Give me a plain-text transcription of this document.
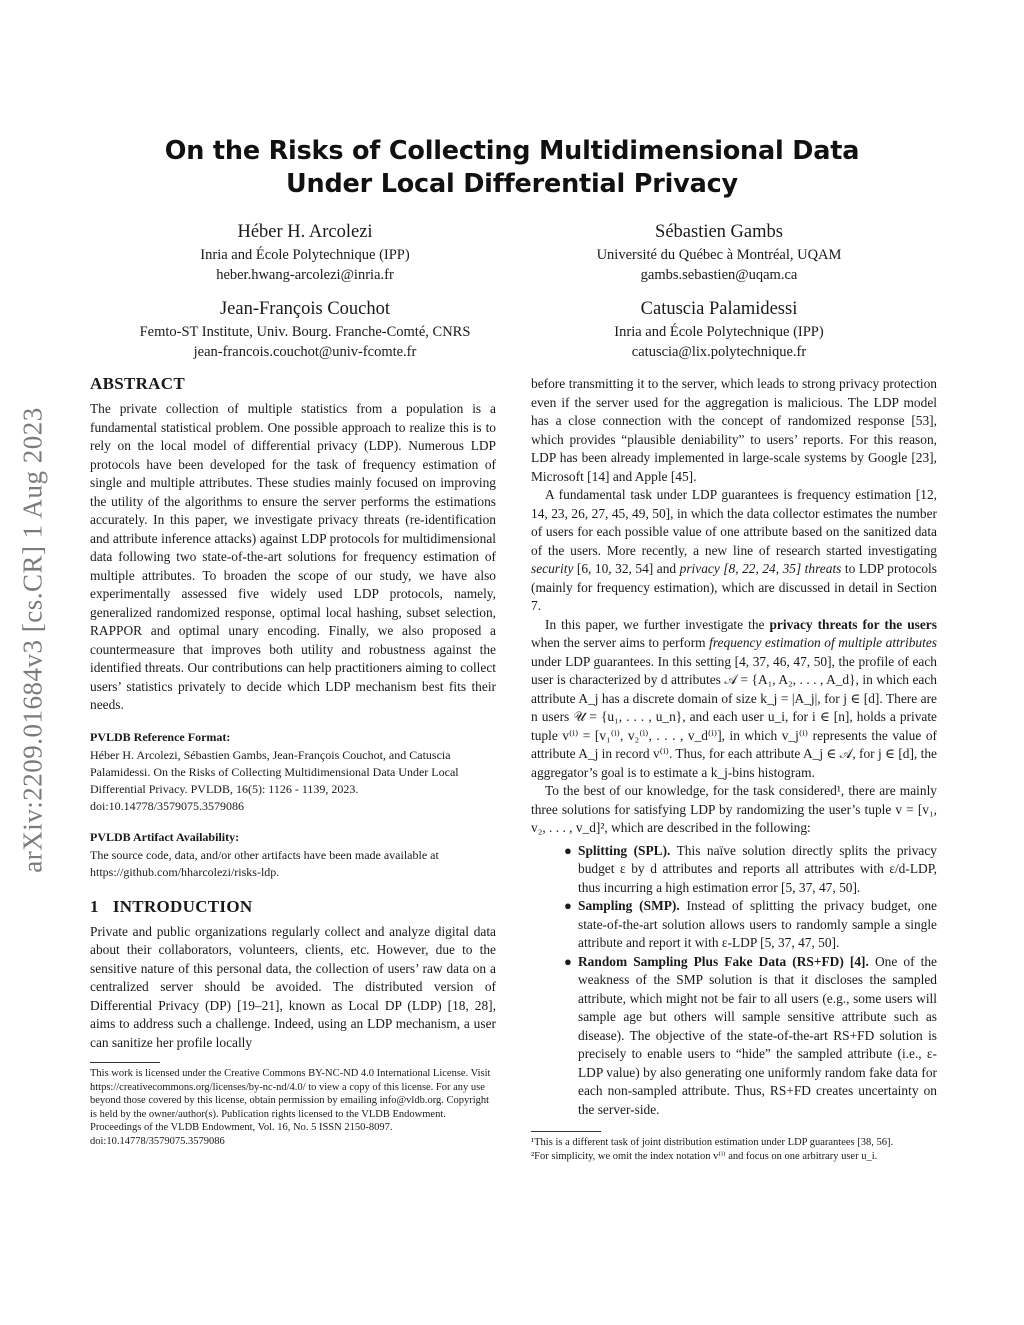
arXiv:2209.01684v3 [cs.CR] 1 Aug 2023
On the Risks of Collecting Multidimensional Data
Under Local Differential Privacy
Héber H. Arcolezi
Inria and École Polytechnique (IPP)
heber.hwang-arcolezi@inria.fr
Sébastien Gambs
Université du Québec à Montréal, UQAM
gambs.sebastien@uqam.ca
Jean-François Couchot
Femto-ST Institute, Univ. Bourg. Franche-Comté, CNRS
jean-francois.couchot@univ-fcomte.fr
Catuscia Palamidessi
Inria and École Polytechnique (IPP)
catuscia@lix.polytechnique.fr
ABSTRACT

The private collection of multiple statistics from a population is a fundamental statistical problem. One possible approach to realize this is to rely on the local model of differential privacy (LDP). Numerous LDP protocols have been developed for the task of frequency estimation of single and multiple attributes. These studies mainly focused on improving the utility of the algorithms to ensure the server performs the estimations accurately. In this paper, we investigate privacy threats (re-identification and attribute inference attacks) against LDP protocols for multidimensional data following two state-of-the-art solutions for frequency estimation of multiple attributes. To broaden the scope of our study, we have also experimentally assessed five widely used LDP protocols, namely, generalized randomized response, optimal local hashing, subset selection, RAPPOR and optimal unary encoding. Finally, we also proposed a countermeasure that improves both utility and robustness against the identified threats. Our contributions can help practitioners aiming to collect users’ statistics privately to decide which LDP mechanism best fits their needs.

PVLDB Reference Format:
Héber H. Arcolezi, Sébastien Gambs, Jean-François Couchot, and Catuscia Palamidessi. On the Risks of Collecting Multidimensional Data Under Local Differential Privacy. PVLDB, 16(5): 1126 - 1139, 2023. doi:10.14778/3579075.3579086
PVLDB Artifact Availability:
The source code, data, and/or other artifacts have been made available at https://github.com/hharcolezi/risks-ldp.
1 INTRODUCTION

Private and public organizations regularly collect and analyze digital data about their collaborators, volunteers, clients, etc. However, due to the sensitive nature of this personal data, the collection of users’ raw data on a centralized server should be avoided. The distributed version of Differential Privacy (DP) [19–21], known as Local DP (LDP) [18, 28], aims to address such a challenge. Indeed, using an LDP mechanism, a user can sanitize her profile locally

This work is licensed under the Creative Commons BY-NC-ND 4.0 International License. Visit https://creativecommons.org/licenses/by-nc-nd/4.0/ to view a copy of this license. For any use beyond those covered by this license, obtain permission by emailing info@vldb.org. Copyright is held by the owner/author(s). Publication rights licensed to the VLDB Endowment.
Proceedings of the VLDB Endowment, Vol. 16, No. 5 ISSN 2150-8097. doi:10.14778/3579075.3579086

before transmitting it to the server, which leads to strong privacy protection even if the server used for the aggregation is malicious. The LDP model has a close connection with the concept of randomized response [53], which provides “plausible deniability” to users’ reports. For this reason, LDP has been already implemented in large-scale systems by Google [23], Microsoft [14] and Apple [45].

A fundamental task under LDP guarantees is frequency estimation [12, 14, 23, 26, 27, 45, 49, 50], in which the data collector estimates the number of users for each possible value of one attribute based on the sanitized data of the users. More recently, a new line of research started investigating security [6, 10, 32, 54] and privacy [8, 22, 24, 35] threats to LDP protocols (mainly for frequency estimation), which are discussed in detail in Section 7.

In this paper, we further investigate the privacy threats for the users when the server aims to perform frequency estimation of multiple attributes under LDP guarantees. In this setting [4, 37, 46, 47, 50], the profile of each user is characterized by d attributes 𝒜 = {A₁, A₂, . . . , A_d}, in which each attribute A_j has a discrete domain of size k_j = |A_j|, for j ∈ [d]. There are n users 𝒰 = {u₁, . . . , u_n}, and each user u_i, for i ∈ [n], holds a private tuple v⁽ⁱ⁾ = [v₁⁽ⁱ⁾, v₂⁽ⁱ⁾, . . . , v_d⁽ⁱ⁾], in which v_j⁽ⁱ⁾ represents the value of attribute A_j in record v⁽ⁱ⁾. Thus, for each attribute A_j ∈ 𝒜, for j ∈ [d], the aggregator’s goal is to estimate a k_j-bins histogram.

To the best of our knowledge, for the task considered¹, there are mainly three solutions for satisfying LDP by randomizing the user’s tuple v = [v₁, v₂, . . . , v_d]², which are described in the following:

● Splitting (SPL). This naïve solution directly splits the privacy budget ε by d attributes and reports all attributes with ε/d-LDP, thus incurring a high estimation error [5, 37, 47, 50].
● Sampling (SMP). Instead of splitting the privacy budget, one state-of-the-art solution allows users to randomly sample a single attribute and report it with ε-LDP [5, 37, 47, 50].
● Random Sampling Plus Fake Data (RS+FD) [4]. One of the weakness of the SMP solution is that it discloses the sampled attribute, which might not be fair to all users (e.g., some users will sample age but others will sample sensitive attribute such as disease). The objective of the state-of-the-art RS+FD solution is precisely to enable users to “hide” the sampled attribute (i.e., ε-LDP value) by also generating one uniformly random fake data for each non-sampled attribute. Thus, RS+FD creates uncertainty on the server-side.
¹This is a different task of joint distribution estimation under LDP guarantees [38, 56].
²For simplicity, we omit the index notation v⁽ⁱ⁾ and focus on one arbitrary user u_i.
